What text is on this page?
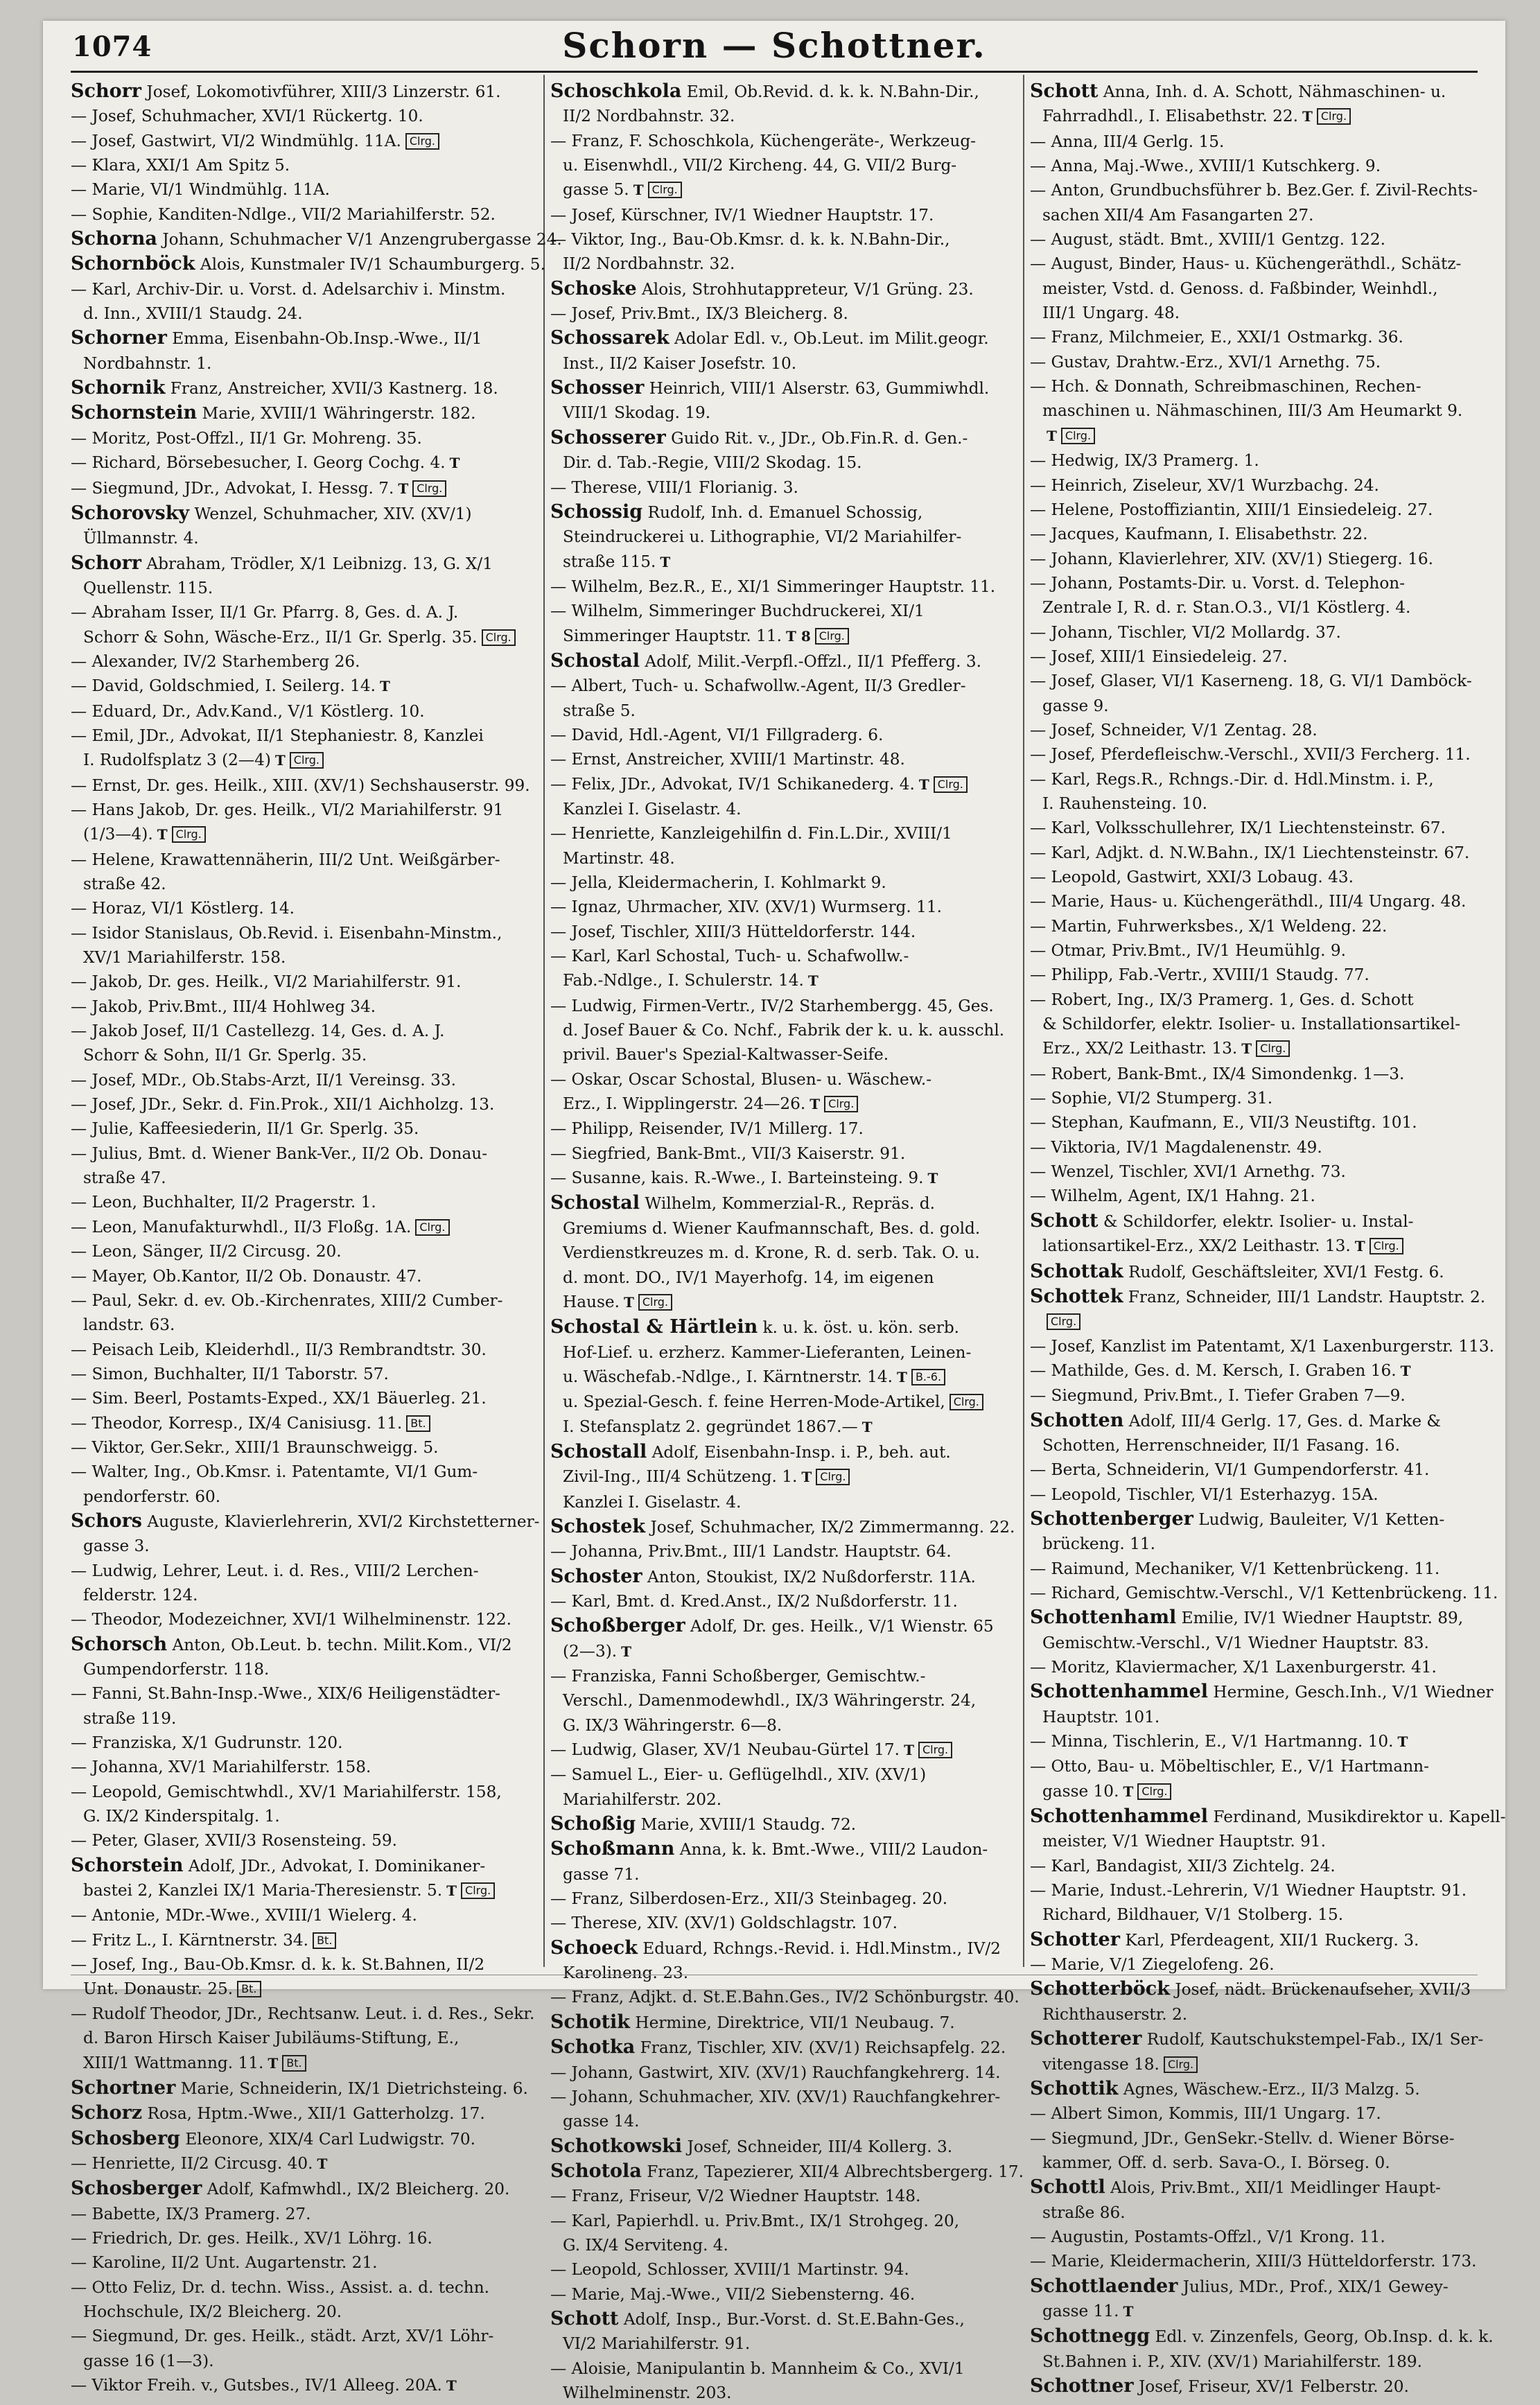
1074	Schorn — Schottner.
Schorr Josef, Lokomotivführer, XIII/3 Linzerstr. 61.
— Josef, Schuhmacher, XVI/1 Rückertg. 10.
— Josef, Gastwirt, VI/2 Windmühlg. 11A. Clrg.
— Klara, XXI/1 Am Spitz 5.
— Marie, VI/1 Windmühlg. 11A.
— Sophie, Kanditen-Ndlge., VII/2 Mariahilferstr. 52.
Schorna Johann, Schuhmacher V/1 Anzengrubergasse 24.
Schornböck Alois, Kunstmaler IV/1 Schaumburgerg. 5.
— Karl, Archiv-Dir. u. Vorst. d. Adelsarchiv i. Minstm.
d. Inn., XVIII/1 Staudg. 24.
Schorner Emma, Eisenbahn-Ob.Insp.-Wwe., II/1
Nordbahnstr. 1.
Schornik Franz, Anstreicher, XVII/3 Kastnerg. 18.
Schornstein Marie, XVIII/1 Währingerstr. 182.
— Moritz, Post-Offzl., II/1 Gr. Mohreng. 35.
— Richard, Börsebesucher, I. Georg Cochg. 4. T
— Siegmund, JDr., Advokat, I. Hessg. 7. T Clrg.
Schorovsky Wenzel, Schuhmacher, XIV. (XV/1)
Üllmannstr. 4.
Schorr Abraham, Trödler, X/1 Leibnizg. 13, G. X/1
Quellenstr. 115.
— Abraham Isser, II/1 Gr. Pfarrg. 8, Ges. d. A. J.
Schorr & Sohn, Wäsche-Erz., II/1 Gr. Sperlg. 35. Clrg.
— Alexander, IV/2 Starhemberg 26.
— David, Goldschmied, I. Seilerg. 14. T
— Eduard, Dr., Adv.Kand., V/1 Köstlerg. 10.
— Emil, JDr., Advokat, II/1 Stephaniestr. 8, Kanzlei
I. Rudolfsplatz 3 (2—4) T Clrg.
— Ernst, Dr. ges. Heilk., XIII. (XV/1) Sechshauserstr. 99.
— Hans Jakob, Dr. ges. Heilk., VI/2 Mariahilferstr. 91
(1/3—4). T Clrg.
— Helene, Krawattennäherin, III/2 Unt. Weißgärber-
straße 42.
— Horaz, VI/1 Köstlerg. 14.
— Isidor Stanislaus, Ob.Revid. i. Eisenbahn-Minstm.,
XV/1 Mariahilferstr. 158.
— Jakob, Dr. ges. Heilk., VI/2 Mariahilferstr. 91.
— Jakob, Priv.Bmt., III/4 Hohlweg 34.
— Jakob Josef, II/1 Castellezg. 14, Ges. d. A. J.
Schorr & Sohn, II/1 Gr. Sperlg. 35.
— Josef, MDr., Ob.Stabs-Arzt, II/1 Vereinsg. 33.
— Josef, JDr., Sekr. d. Fin.Prok., XII/1 Aichholzg. 13.
— Julie, Kaffeesiederin, II/1 Gr. Sperlg. 35.
— Julius, Bmt. d. Wiener Bank-Ver., II/2 Ob. Donau-
straße 47.
— Leon, Buchhalter, II/2 Pragerstr. 1.
— Leon, Manufakturwhdl., II/3 Floßg. 1A. Clrg.
— Leon, Sänger, II/2 Circusg. 20.
— Mayer, Ob.Kantor, II/2 Ob. Donaustr. 47.
— Paul, Sekr. d. ev. Ob.-Kirchenrates, XIII/2 Cumber-
landstr. 63.
— Peisach Leib, Kleiderhdl., II/3 Rembrandtstr. 30.
— Simon, Buchhalter, II/1 Taborstr. 57.
— Sim. Beerl, Postamts-Exped., XX/1 Bäuerleg. 21.
— Theodor, Korresp., IX/4 Canisiusg. 11. Bt.
— Viktor, Ger.Sekr., XIII/1 Braunschweigg. 5.
— Walter, Ing., Ob.Kmsr. i. Patentamte, VI/1 Gum-
pendorferstr. 60.
Schors Auguste, Klavierlehrerin, XVI/2 Kirchstetterner-
gasse 3.
— Ludwig, Lehrer, Leut. i. d. Res., VIII/2 Lerchen-
felderstr. 124.
— Theodor, Modezeichner, XVI/1 Wilhelminenstr. 122.
Schorsch Anton, Ob.Leut. b. techn. Milit.Kom., VI/2
Gumpendorferstr. 118.
— Fanni, St.Bahn-Insp.-Wwe., XIX/6 Heiligenstädter-
straße 119.
— Franziska, X/1 Gudrunstr. 120.
— Johanna, XV/1 Mariahilferstr. 158.
— Leopold, Gemischtwhdl., XV/1 Mariahilferstr. 158,
G. IX/2 Kinderspitalg. 1.
— Peter, Glaser, XVII/3 Rosensteing. 59.
Schorstein Adolf, JDr., Advokat, I. Dominikaner-
bastei 2, Kanzlei IX/1 Maria-Theresienstr. 5. T Clrg.
— Antonie, MDr.-Wwe., XVIII/1 Wielerg. 4.
— Fritz L., I. Kärntnerstr. 34. Bt.
— Josef, Ing., Bau-Ob.Kmsr. d. k. k. St.Bahnen, II/2
Unt. Donaustr. 25. Bt.
— Rudolf Theodor, JDr., Rechtsanw. Leut. i. d. Res., Sekr.
d. Baron Hirsch Kaiser Jubiläums-Stiftung, E.,
XIII/1 Wattmanng. 11. T Bt.
Schortner Marie, Schneiderin, IX/1 Dietrichsteing. 6.
Schorz Rosa, Hptm.-Wwe., XII/1 Gatterholzg. 17.
Schosberg Eleonore, XIX/4 Carl Ludwigstr. 70.
— Henriette, II/2 Circusg. 40. T
Schosberger Adolf, Kafmwhdl., IX/2 Bleicherg. 20.
— Babette, IX/3 Pramerg. 27.
— Friedrich, Dr. ges. Heilk., XV/1 Löhrg. 16.
— Karoline, II/2 Unt. Augartenstr. 21.
— Otto Feliz, Dr. d. techn. Wiss., Assist. a. d. techn.
Hochschule, IX/2 Bleicherg. 20.
— Siegmund, Dr. ges. Heilk., städt. Arzt, XV/1 Löhr-
gasse 16 (1—3).
— Viktor Freih. v., Gutsbes., IV/1 Alleeg. 20A. T
Schoschkola Emil, Ob.Revid. d. k. k. N.Bahn-Dir.,
II/2 Nordbahnstr. 32.
— Franz, F. Schoschkola, Küchengeräte-, Werkzeug-
u. Eisenwhdl., VII/2 Kircheng. 44, G. VII/2 Burg-
gasse 5. T Clrg.
— Josef, Kürschner, IV/1 Wiedner Hauptstr. 17.
— Viktor, Ing., Bau-Ob.Kmsr. d. k. k. N.Bahn-Dir.,
II/2 Nordbahnstr. 32.
Schoske Alois, Strohhutappreteur, V/1 Grüng. 23.
— Josef, Priv.Bmt., IX/3 Bleicherg. 8.
Schossarek Adolar Edl. v., Ob.Leut. im Milit.geogr.
Inst., II/2 Kaiser Josefstr. 10.
Schosser Heinrich, VIII/1 Alserstr. 63, Gummiwhdl.
VIII/1 Skodag. 19.
Schosserer Guido Rit. v., JDr., Ob.Fin.R. d. Gen.-
Dir. d. Tab.-Regie, VIII/2 Skodag. 15.
— Therese, VIII/1 Florianig. 3.
Schossig Rudolf, Inh. d. Emanuel Schossig,
Steindruckerei u. Lithographie, VI/2 Mariahilfer-
straße 115. T
— Wilhelm, Bez.R., E., XI/1 Simmeringer Hauptstr. 11.
— Wilhelm, Simmeringer Buchdruckerei, XI/1
Simmeringer Hauptstr. 11. T 8 Clrg.
Schostal Adolf, Milit.-Verpfl.-Offzl., II/1 Pfefferg. 3.
— Albert, Tuch- u. Schafwollw.-Agent, II/3 Gredler-
straße 5.
— David, Hdl.-Agent, VI/1 Fillgraderg. 6.
— Ernst, Anstreicher, XVIII/1 Martinstr. 48.
— Felix, JDr., Advokat, IV/1 Schikanederg. 4. T Clrg.
Kanzlei I. Giselastr. 4.
— Henriette, Kanzleigehilfin d. Fin.L.Dir., XVIII/1
Martinstr. 48.
— Jella, Kleidermacherin, I. Kohlmarkt 9.
— Ignaz, Uhrmacher, XIV. (XV/1) Wurmserg. 11.
— Josef, Tischler, XIII/3 Hütteldorferstr. 144.
— Karl, Karl Schostal, Tuch- u. Schafwollw.-
Fab.-Ndlge., I. Schulerstr. 14. T
— Ludwig, Firmen-Vertr., IV/2 Starhembergg. 45, Ges.
d. Josef Bauer & Co. Nchf., Fabrik der k. u. k. ausschl.
privil. Bauer's Spezial-Kaltwasser-Seife.
— Oskar, Oscar Schostal, Blusen- u. Wäschew.-
Erz., I. Wipplingerstr. 24—26. T Clrg.
— Philipp, Reisender, IV/1 Millerg. 17.
— Siegfried, Bank-Bmt., VII/3 Kaiserstr. 91.
— Susanne, kais. R.-Wwe., I. Barteinsteing. 9. T
Schostal Wilhelm, Kommerzial-R., Repräs. d.
Gremiums d. Wiener Kaufmannschaft, Bes. d. gold.
Verdienstkreuzes m. d. Krone, R. d. serb. Tak. O. u.
d. mont. DO., IV/1 Mayerhofg. 14, im eigenen
Hause. T Clrg.
Schostal & Härtlein k. u. k. öst. u. kön. serb.
Hof-Lief. u. erzherz. Kammer-Lieferanten, Leinen-
u. Wäschefab.-Ndlge., I. Kärntnerstr. 14. T B.-6.
u. Spezial-Gesch. f. feine Herren-Mode-Artikel, Clrg.
I. Stefansplatz 2. gegründet 1867.— T
Schostall Adolf, Eisenbahn-Insp. i. P., beh. aut.
Zivil-Ing., III/4 Schützeng. 1. T Clrg.
Kanzlei I. Giselastr. 4.
Schostek Josef, Schuhmacher, IX/2 Zimmermanng. 22.
— Johanna, Priv.Bmt., III/1 Landstr. Hauptstr. 64.
Schoster Anton, Stoukist, IX/2 Nußdorferstr. 11A.
— Karl, Bmt. d. Kred.Anst., IX/2 Nußdorferstr. 11.
Schoßberger Adolf, Dr. ges. Heilk., V/1 Wienstr. 65
(2—3). T
— Franziska, Fanni Schoßberger, Gemischtw.-
Verschl., Damenmodewhdl., IX/3 Währingerstr. 24,
G. IX/3 Währingerstr. 6—8.
— Ludwig, Glaser, XV/1 Neubau-Gürtel 17. T Clrg.
— Samuel L., Eier- u. Geflügelhdl., XIV. (XV/1)
Mariahilferstr. 202.
Schoßig Marie, XVIII/1 Staudg. 72.
Schoßmann Anna, k. k. Bmt.-Wwe., VIII/2 Laudon-
gasse 71.
— Franz, Silberdosen-Erz., XII/3 Steinbageg. 20.
— Therese, XIV. (XV/1) Goldschlagstr. 107.
Schoeck Eduard, Rchngs.-Revid. i. Hdl.Minstm., IV/2
Karolineng. 23.
— Franz, Adjkt. d. St.E.Bahn.Ges., IV/2 Schönburgstr. 40.
Schotik Hermine, Direktrice, VII/1 Neubaug. 7.
Schotka Franz, Tischler, XIV. (XV/1) Reichsapfelg. 22.
— Johann, Gastwirt, XIV. (XV/1) Rauchfangkehrerg. 14.
— Johann, Schuhmacher, XIV. (XV/1) Rauchfangkehrer-
gasse 14.
Schotkowski Josef, Schneider, III/4 Kollerg. 3.
Schotola Franz, Tapezierer, XII/4 Albrechtsbergerg. 17.
— Franz, Friseur, V/2 Wiedner Hauptstr. 148.
— Karl, Papierhdl. u. Priv.Bmt., IX/1 Strohgeg. 20,
G. IX/4 Serviteng. 4.
— Leopold, Schlosser, XVIII/1 Martinstr. 94.
— Marie, Maj.-Wwe., VII/2 Siebensterng. 46.
Schott Adolf, Insp., Bur.-Vorst. d. St.E.Bahn-Ges.,
VI/2 Mariahilferstr. 91.
— Aloisie, Manipulantin b. Mannheim & Co., XVI/1
Wilhelminenstr. 203.
Schott Anna, Inh. d. A. Schott, Nähmaschinen- u.
Fahrradhdl., I. Elisabethstr. 22. T Clrg.
— Anna, III/4 Gerlg. 15.
— Anna, Maj.-Wwe., XVIII/1 Kutschkerg. 9.
— Anton, Grundbuchsführer b. Bez.Ger. f. Zivil-Rechts-
sachen XII/4 Am Fasangarten 27.
— August, städt. Bmt., XVIII/1 Gentzg. 122.
— August, Binder, Haus- u. Küchengeräthdl., Schätz-
meister, Vstd. d. Genoss. d. Faßbinder, Weinhdl.,
III/1 Ungarg. 48.
— Franz, Milchmeier, E., XXI/1 Ostmarkg. 36.
— Gustav, Drahtw.-Erz., XVI/1 Arnethg. 75.
— Hch. & Donnath, Schreibmaschinen, Rechen-
maschinen u. Nähmaschinen, III/3 Am Heumarkt 9.
T Clrg.
— Hedwig, IX/3 Pramerg. 1.
— Heinrich, Ziseleur, XV/1 Wurzbachg. 24.
— Helene, Postoffiziantin, XIII/1 Einsiedeleig. 27.
— Jacques, Kaufmann, I. Elisabethstr. 22.
— Johann, Klavierlehrer, XIV. (XV/1) Stiegerg. 16.
— Johann, Postamts-Dir. u. Vorst. d. Telephon-
Zentrale I, R. d. r. Stan.O.3., VI/1 Köstlerg. 4.
— Johann, Tischler, VI/2 Mollardg. 37.
— Josef, XIII/1 Einsiedeleig. 27.
— Josef, Glaser, VI/1 Kaserneng. 18, G. VI/1 Damböck-
gasse 9.
— Josef, Schneider, V/1 Zentag. 28.
— Josef, Pferdefleischw.-Verschl., XVII/3 Fercherg. 11.
— Karl, Regs.R., Rchngs.-Dir. d. Hdl.Minstm. i. P.,
I. Rauhensteing. 10.
— Karl, Volksschullehrer, IX/1 Liechtensteinstr. 67.
— Karl, Adjkt. d. N.W.Bahn., IX/1 Liechtensteinstr. 67.
— Leopold, Gastwirt, XXI/3 Lobaug. 43.
— Marie, Haus- u. Küchengeräthdl., III/4 Ungarg. 48.
— Martin, Fuhrwerksbes., X/1 Weldeng. 22.
— Otmar, Priv.Bmt., IV/1 Heumühlg. 9.
— Philipp, Fab.-Vertr., XVIII/1 Staudg. 77.
— Robert, Ing., IX/3 Pramerg. 1, Ges. d. Schott
& Schildorfer, elektr. Isolier- u. Installationsartikel-
Erz., XX/2 Leithastr. 13. T Clrg.
— Robert, Bank-Bmt., IX/4 Simondenkg. 1—3.
— Sophie, VI/2 Stumperg. 31.
— Stephan, Kaufmann, E., VII/3 Neustiftg. 101.
— Viktoria, IV/1 Magdalenenstr. 49.
— Wenzel, Tischler, XVI/1 Arnethg. 73.
— Wilhelm, Agent, IX/1 Hahng. 21.
Schott & Schildorfer, elektr. Isolier- u. Instal-
lationsartikel-Erz., XX/2 Leithastr. 13. T Clrg.
Schottak Rudolf, Geschäftsleiter, XVI/1 Festg. 6.
Schottek Franz, Schneider, III/1 Landstr. Hauptstr. 2.
Clrg.
— Josef, Kanzlist im Patentamt, X/1 Laxenburgerstr. 113.
— Mathilde, Ges. d. M. Kersch, I. Graben 16. T
— Siegmund, Priv.Bmt., I. Tiefer Graben 7—9.
Schotten Adolf, III/4 Gerlg. 17, Ges. d. Marke &
Schotten, Herrenschneider, II/1 Fasang. 16.
— Berta, Schneiderin, VI/1 Gumpendorferstr. 41.
— Leopold, Tischler, VI/1 Esterhazyg. 15A.
Schottenberger Ludwig, Bauleiter, V/1 Ketten-
brückeng. 11.
— Raimund, Mechaniker, V/1 Kettenbrückeng. 11.
— Richard, Gemischtw.-Verschl., V/1 Kettenbrückeng. 11.
Schottenhaml Emilie, IV/1 Wiedner Hauptstr. 89,
Gemischtw.-Verschl., V/1 Wiedner Hauptstr. 83.
— Moritz, Klaviermacher, X/1 Laxenburgerstr. 41.
Schottenhammel Hermine, Gesch.Inh., V/1 Wiedner
Hauptstr. 101.
— Minna, Tischlerin, E., V/1 Hartmanng. 10. T
— Otto, Bau- u. Möbeltischler, E., V/1 Hartmann-
gasse 10. T Clrg.
Schottenhammel Ferdinand, Musikdirektor u. Kapell-
meister, V/1 Wiedner Hauptstr. 91.
— Karl, Bandagist, XII/3 Zichtelg. 24.
— Marie, Indust.-Lehrerin, V/1 Wiedner Hauptstr. 91.
Richard, Bildhauer, V/1 Stolberg. 15.
Schotter Karl, Pferdeagent, XII/1 Ruckerg. 3.
— Marie, V/1 Ziegelofeng. 26.
Schotterböck Josef, nädt. Brückenaufseher, XVII/3
Richthauserstr. 2.
Schotterer Rudolf, Kautschukstempel-Fab., IX/1 Ser-
vitengasse 18. Clrg.
Schottik Agnes, Wäschew.-Erz., II/3 Malzg. 5.
— Albert Simon, Kommis, III/1 Ungarg. 17.
— Siegmund, JDr., GenSekr.-Stellv. d. Wiener Börse-
kammer, Off. d. serb. Sava-O., I. Börseg. 0.
Schottl Alois, Priv.Bmt., XII/1 Meidlinger Haupt-
straße 86.
— Augustin, Postamts-Offzl., V/1 Krong. 11.
— Marie, Kleidermacherin, XIII/3 Hütteldorferstr. 173.
Schottlaender Julius, MDr., Prof., XIX/1 Gewey-
gasse 11. T
Schottnegg Edl. v. Zinzenfels, Georg, Ob.Insp. d. k. k.
St.Bahnen i. P., XIV. (XV/1) Mariahilferstr. 189.
Schottner Josef, Friseur, XV/1 Felberstr. 20.
